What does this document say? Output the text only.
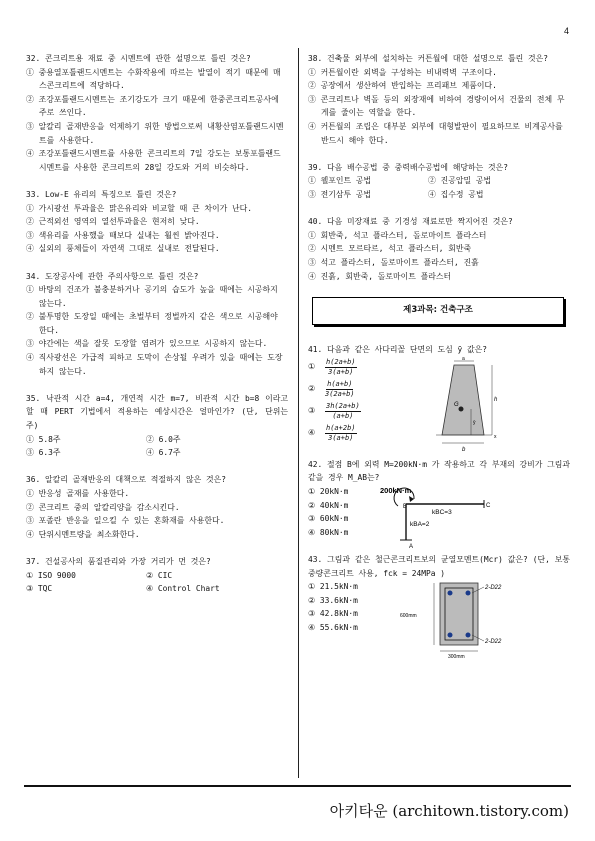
4
32. 콘크리트용 재료 중 시멘트에 관한 설명으로 틀린 것은?
① 중용열포틀랜드시멘트는 수화작용에 따르는 발열이 적기 때문에 매스콘크리트에 적당하다.
② 조강포틀랜드시멘트는 조기강도가 크기 때문에 한중콘크리트공사에 주로 쓰인다.
③ 알칼리 골재반응을 억제하기 위한 방법으로써 내황산염포틀랜드시멘트를 사용한다.
④ 조강포틀랜드시멘트를 사용한 콘크리트의 7일 강도는 보통포틀랜드시멘트를 사용한 콘크리트의 28일 강도와 거의 비슷하다.
33. Low-E 유리의 특징으로 틀린 것은?
① 가시광선 투과율은 맑은유리와 비교할 때 큰 차이가 난다.
② 근적외선 영역의 열선투과율은 현저히 낮다.
③ 색유리를 사용했을 때보다 실내는 훨씬 밝아진다.
④ 실외의 풍체들이 자연색 그대로 실내로 전달된다.
34. 도장공사에 관한 주의사항으로 틀린 것은?
① 바탕의 건조가 불충분하거나 공기의 습도가 높을 때에는 시공하지 않는다.
② 불투명한 도장일 때에는 초벌부터 정벌까지 같은 색으로 시공해야 한다.
③ 야간에는 색을 잘못 도장할 염려가 있으므로 시공하지 않는다.
④ 직사광선은 가급적 피하고 도막이 손상될 우려가 있을 때에는 도장하지 않는다.
35. 낙관적 시간 a=4, 개연적 시간 m=7, 비관적 시간 b=8 이라고 할 때 PERT 기법에서 적용하는 예상시간은 얼마인가? (단, 단위는 주)
① 5.8주	② 6.0주
③ 6.3주	④ 6.7주
36. 알칼리 골재반응의 대책으로 적절하지 않은 것은?
① 반응성 골재를 사용한다.
② 콘크리트 중의 알칼리양을 감소시킨다.
③ 포졸란 반응을 일으킬 수 있는 혼화재를 사용한다.
④ 단위시멘트량을 최소화한다.
37. 건설공사의 품질관리와 가장 거리가 먼 것은?
① ISO 9000	② CIC
③ TQC	④ Control Chart
38. 건축물 외부에 설치하는 커튼월에 대한 설명으로 틀린 것은?
① 커튼월이란 외벽을 구성하는 비내력벽 구조이다.
② 공장에서 생산하여 반입하는 프리패브 제품이다.
③ 콘크리트나 벽돌 등의 외장재에 비하여 경량이어서 건물의 전체 무게를 줄이는 역할을 한다.
④ 커튼월의 조립은 대부분 외부에 대형발판이 필요하므로 비계공사를 반드시 해야 한다.
39. 다음 배수공법 중 중력배수공법에 해당하는 것은?
① 웰포인트 공법	② 진공압밀 공법
③ 전기삼투 공법	④ 집수정 공법
40. 다음 미장재료 중 기경성 재료로만 짝지어진 것은?
① 회반죽, 석고 플라스터, 돌로마이트 플라스터
② 시멘트 모르타르, 석고 플라스터, 회반죽
③ 석고 플라스터, 돌로마이트 플라스터, 진흙
④ 진흙, 회반죽, 돌로마이트 플라스터
제3과목: 건축구조
41. 다음과 같은 사다리꼴 단면의 도심 ȳ 값은?
①	$\frac{h(2a+b)}{3(a+b)}$
②	$\frac{h(a+b)}{3(2a+b)}$
③	$\frac{3h(2a+b)}{(a+b)}$
④	$\frac{h(a+2b)}{3(a+b)}$
a
h
G
ȳ
x
b
42. 절점 B에 외력 M=200kN·m 가 작용하고 각 부재의 강비가 그림과 같을 경우 M_AB는?
① 20kN·m
② 40kN·m
③ 60kN·m
④ 80kN·m
200kN·m
B	C
kBC=3
kBA=2
A
43. 그림과 같은 철근콘크리트보의 균열모멘트(Mcr) 값은? (단, 보통중량콘크리트 사용, fck = 24MPa )
① 21.5kN·m
② 33.6kN·m
③ 42.8kN·m
④ 55.6kN·m
2-D22
2-D22
600mm
300mm
아키타운 (architown.tistory.com)
